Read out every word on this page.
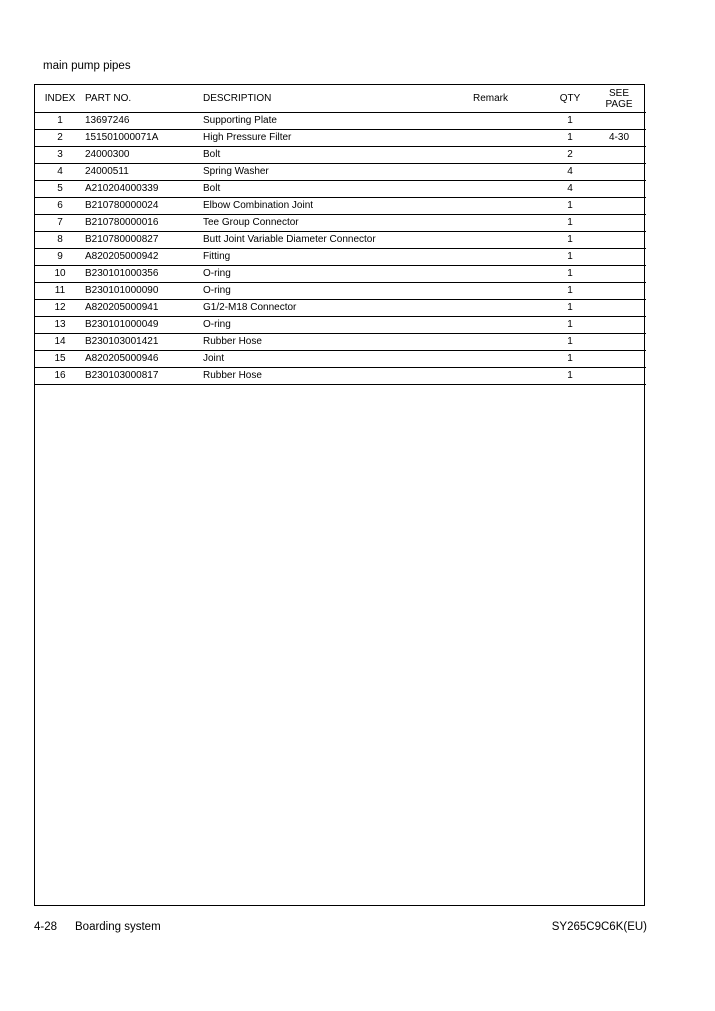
main pump pipes
INDEX	PART NO.	DESCRIPTION	Remark	QTY	SEE
PAGE
1	13697246	Supporting Plate		1	
2	151501000071A	High Pressure Filter		1	4-30
3	24000300	Bolt		2	
4	24000511	Spring Washer		4	
5	A210204000339	Bolt		4	
6	B210780000024	Elbow Combination Joint		1	
7	B210780000016	Tee Group Connector		1	
8	B210780000827	Butt Joint Variable Diameter Connector		1	
9	A820205000942	Fitting		1	
10	B230101000356	O-ring		1	
11	B230101000090	O-ring		1	
12	A820205000941	G1/2-M18 Connector		1	
13	B230101000049	O-ring		1	
14	B230103001421	Rubber Hose		1	
15	A820205000946	Joint		1	
16	B230103000817	Rubber Hose		1	
4-28 Boarding system	SY265C9C6K(EU)
